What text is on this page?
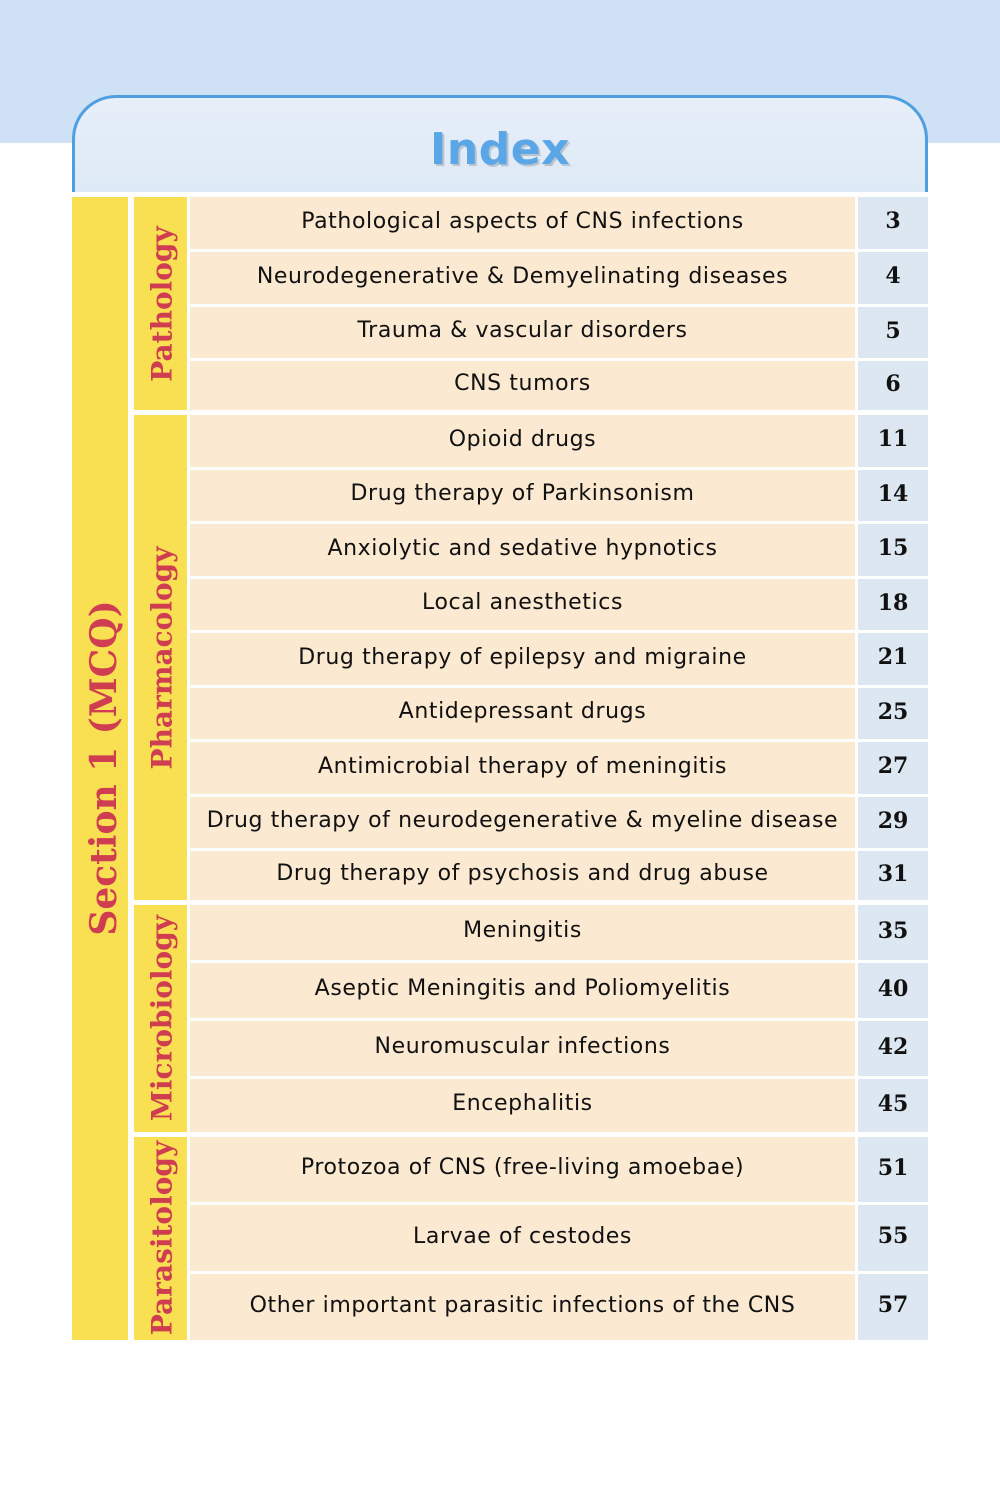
Index
Section 1 (MCQ)
Pathology
Pharmacology
Microbiology
Parasitology
Pathological aspects of CNS infections	3
Neurodegenerative & Demyelinating diseases	4
Trauma & vascular disorders	5
CNS tumors	6
Opioid drugs	11
Drug therapy of Parkinsonism	14
Anxiolytic and sedative hypnotics	15
Local anesthetics	18
Drug therapy of epilepsy and migraine	21
Antidepressant drugs	25
Antimicrobial therapy of meningitis	27
Drug therapy of neurodegenerative & myeline disease 29
Drug therapy of psychosis and drug abuse	31
Meningitis	35
Aseptic Meningitis and Poliomyelitis	40
Neuromuscular infections	42
Encephalitis	45
Protozoa of CNS (free-living amoebae)	51
Larvae of cestodes	55
Other important parasitic infections of the CNS	57
